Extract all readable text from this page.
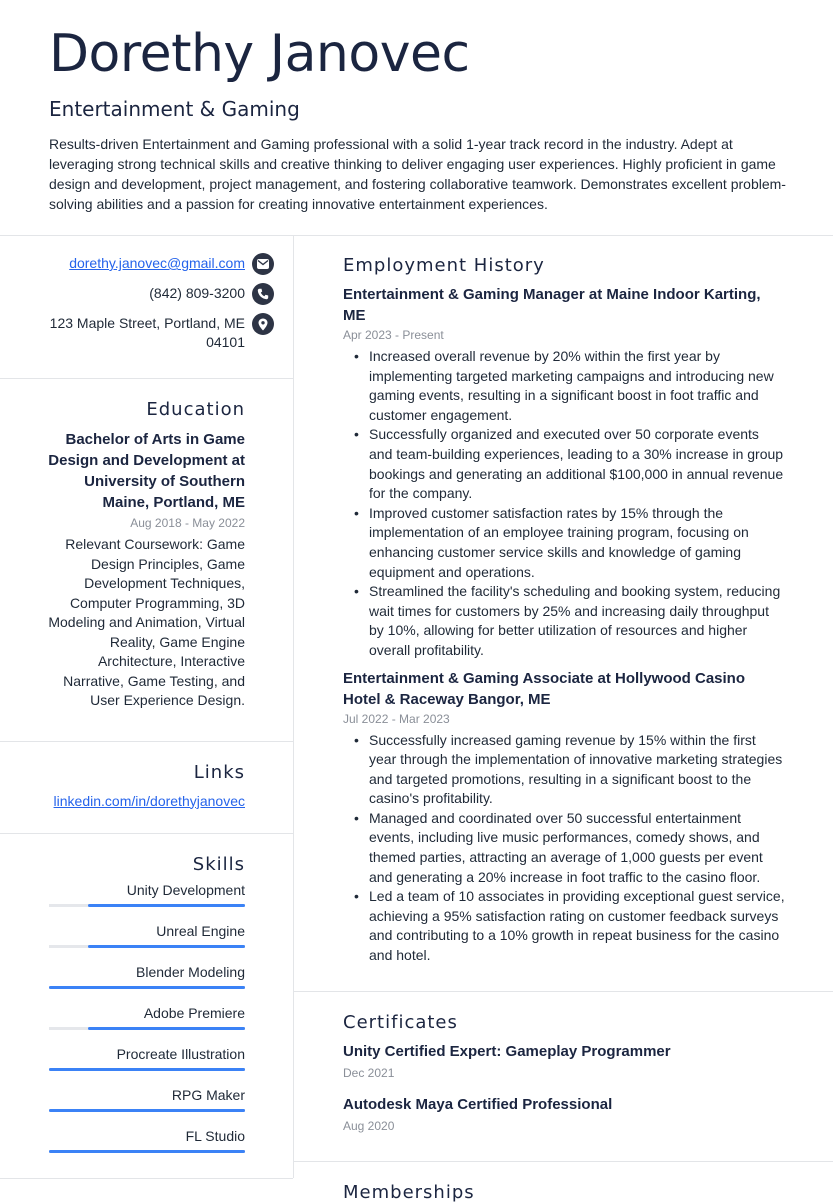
Dorethy Janovec
Entertainment & Gaming
Results-driven Entertainment and Gaming professional with a solid 1-year track record in the industry. Adept at leveraging strong technical skills and creative thinking to deliver engaging user experiences. Highly proficient in game design and development, project management, and fostering collaborative teamwork. Demonstrates excellent problem-solving abilities and a passion for creating innovative entertainment experiences.
dorethy.janovec@gmail.com
(842) 809-3200
123 Maple Street, Portland, ME
04101
Education
Bachelor of Arts in Game Design and Development at University of Southern Maine, Portland, ME
Aug 2018 - May 2022
Relevant Coursework: Game Design Principles, Game Development Techniques, Computer Programming, 3D Modeling and Animation, Virtual Reality, Game Engine Architecture, Interactive Narrative, Game Testing, and User Experience Design.
Links
linkedin.com/in/dorethyjanovec
Skills
Unity Development
Unreal Engine
Blender Modeling
Adobe Premiere
Procreate Illustration
RPG Maker
FL Studio
Employment History
Entertainment & Gaming Manager at Maine Indoor Karting, ME
Apr 2023 - Present
• Increased overall revenue by 20% within the first year by implementing targeted marketing campaigns and introducing new gaming events, resulting in a significant boost in foot traffic and customer engagement.
• Successfully organized and executed over 50 corporate events and team-building experiences, leading to a 30% increase in group bookings and generating an additional $100,000 in annual revenue for the company.
• Improved customer satisfaction rates by 15% through the implementation of an employee training program, focusing on enhancing customer service skills and knowledge of gaming equipment and operations.
• Streamlined the facility's scheduling and booking system, reducing wait times for customers by 25% and increasing daily throughput by 10%, allowing for better utilization of resources and higher overall profitability.
Entertainment & Gaming Associate at Hollywood Casino Hotel & Raceway Bangor, ME
Jul 2022 - Mar 2023
• Successfully increased gaming revenue by 15% within the first year through the implementation of innovative marketing strategies and targeted promotions, resulting in a significant boost to the casino's profitability.
• Managed and coordinated over 50 successful entertainment events, including live music performances, comedy shows, and themed parties, attracting an average of 1,000 guests per event and generating a 20% increase in foot traffic to the casino floor.
• Led a team of 10 associates in providing exceptional guest service, achieving a 95% satisfaction rating on customer feedback surveys and contributing to a 10% growth in repeat business for the casino and hotel.
Certificates
Unity Certified Expert: Gameplay Programmer
Dec 2021
Autodesk Maya Certified Professional
Aug 2020
Memberships
